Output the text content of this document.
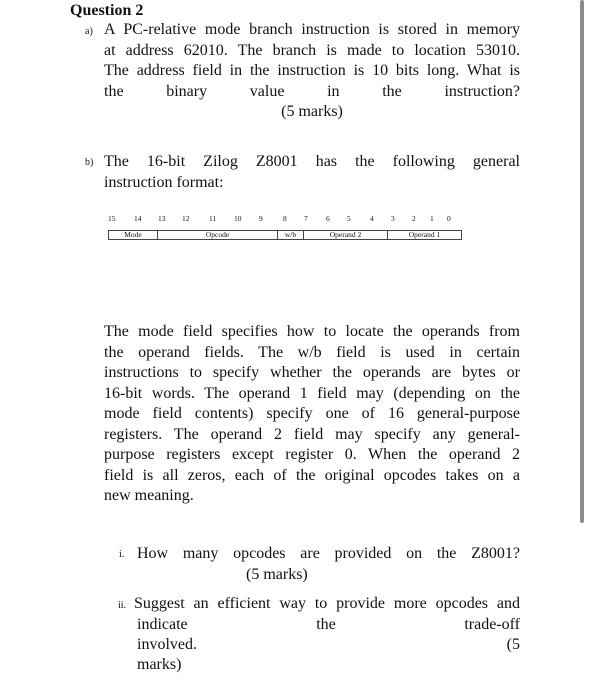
Question 2
a) A PC-relative mode branch instruction is stored in memory
at address 62010. The branch is made to location 53010.
The address field in the instruction is 10 bits long. What is
the binary value in the instruction?
(5 marks)
b) The 16-bit Zilog Z8001 has the following general
instruction format:
15 14 13 12	11 10 9	8 7 6 5	4 3 2 1 0
Mode	Opcode	w/b	Operand 2	Operand 1
The mode field specifies how to locate the operands from
the operand fields. The w/b field is used in certain
instructions to specify whether the operands are bytes or
16-bit words. The operand 1 field may (depending on the
mode field contents) specify one of 16 general-purpose
registers. The operand 2 field may specify any general-
purpose registers except register 0. When the operand 2
field is all zeros, each of the original opcodes takes on a
new meaning.
i. How many opcodes are provided on the Z8001?
(5 marks)
ii. Suggest an efficient way to provide more opcodes and
indicate the trade-off
involved. (5
marks)
